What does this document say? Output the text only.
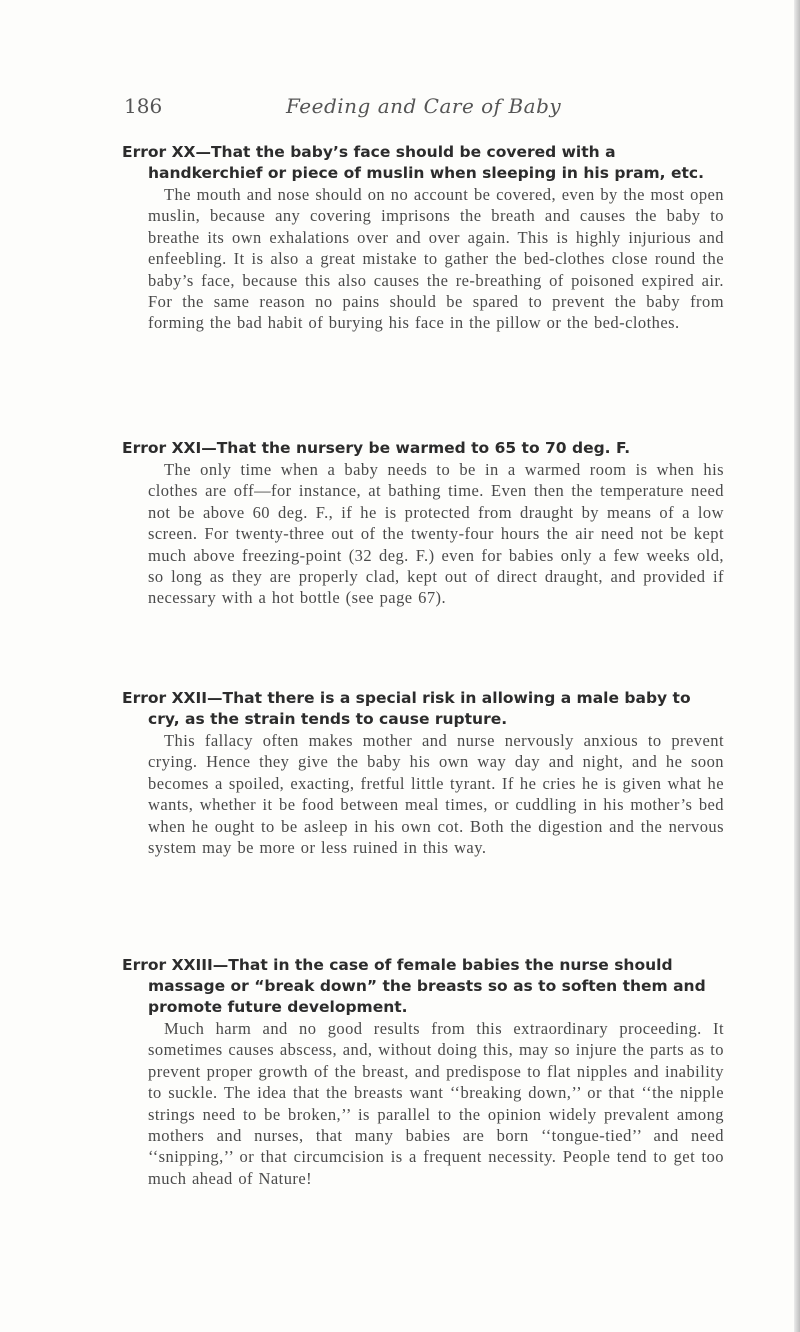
186	Feeding and Care of Baby

Error XX—That the baby’s face should be covered with a handkerchief or piece of muslin when sleeping in his pram, etc.

The mouth and nose should on no account be covered, even by the most open muslin, because any covering imprisons the breath and causes the baby to breathe its own exhalations over and over again. This is highly injurious and enfeebling. It is also a great mistake to gather the bed-clothes close round the baby’s face, because this also causes the re-breathing of poisoned expired air. For the same reason no pains should be spared to prevent the baby from forming the bad habit of burying his face in the pillow or the bed-clothes.

Error XXI—That the nursery be warmed to 65 to 70 deg. F.

The only time when a baby needs to be in a warmed room is when his clothes are off—for instance, at bathing time. Even then the temperature need not be above 60 deg. F., if he is protected from draught by means of a low screen. For twenty-three out of the twenty-four hours the air need not be kept much above freezing-point (32 deg. F.) even for babies only a few weeks old, so long as they are properly clad, kept out of direct draught, and provided if necessary with a hot bottle (see page 67).

Error XXII—That there is a special risk in allowing a male baby to cry, as the strain tends to cause rupture.

This fallacy often makes mother and nurse nervously anxious to prevent crying. Hence they give the baby his own way day and night, and he soon becomes a spoiled, exacting, fretful little tyrant. If he cries he is given what he wants, whether it be food between meal times, or cuddling in his mother’s bed when he ought to be asleep in his own cot. Both the digestion and the nervous system may be more or less ruined in this way.

Error XXIII—That in the case of female babies the nurse should massage or “break down” the breasts so as to soften them and promote future development.

Much harm and no good results from this extraordinary proceeding. It sometimes causes abscess, and, without doing this, may so injure the parts as to prevent proper growth of the breast, and predispose to flat nipples and inability to suckle. The idea that the breasts want ‘‘breaking down,’’ or that ‘‘the nipple strings need to be broken,’’ is parallel to the opinion widely prevalent among mothers and nurses, that many babies are born ‘‘tongue-tied’’ and need ‘‘snipping,’’ or that circumcision is a frequent necessity. People tend to get too much ahead of Nature!
